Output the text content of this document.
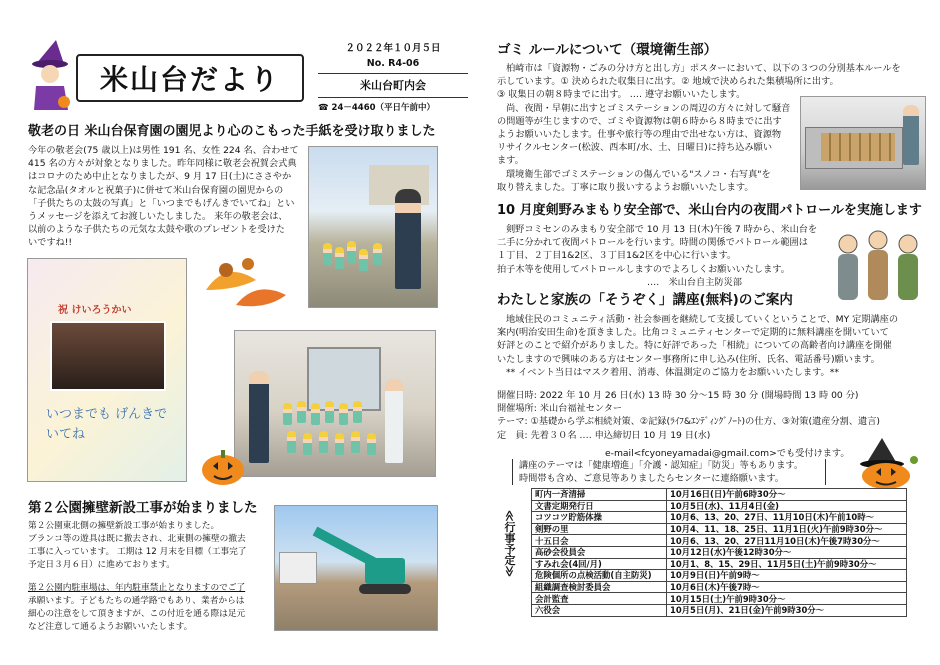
米山台だより
２０２２年１０月５日
No. R4-06
米山台町内会
☎ 24－4460（平日午前中）
敬老の日 米山台保育園の園児より心のこもった手紙を受け取りました

今年の敬老会(75 歳以上)は男性 191 名、女性 224 名、合わせて

415 名の方々が対象となりました。昨年同様に敬老会祝賀会式典

はコロナのため中止となりましたが、9 月 17 日(土)にささやか

な記念品(タオルと祝菓子)に併せて米山台保育園の園児からの

「子供たちの太鼓の写真」と「いつまでもげんきでいてね」とい

うメッセージを添えてお渡しいたしました。 来年の敬老会は、

以前のような子供たちの元気な太鼓や歌のプレゼントを受けた

いですね!!

祝 けいろうかい
いつまでも げんきでいてね
第２公園擁壁新設工事が始まりました

第２公園東北側の擁壁新設工事が始まりました。

ブランコ等の遊具は既に撤去され、北東側の擁壁の撤去

工事に入っています。 工期は 12 月末を目標（工事完了

予定日３月６日）に進めております。

第２公園内駐車場は、年内駐車禁止となりますのでご了

承願います。子どもたちの通学路でもあり、業者からは

細心の注意をして頂きますが、この付近を通る際は足元

など注意して通るようお願いいたします。

ゴミ ルールについて（環境衛生部）

柏崎市は「資源物・ごみの分け方と出し方」ポスターにおいて、以下の３つの分別基本ルールを

示しています。① 決められた収集日に出す。② 地域で決められた集積場所に出す。

③ 収集日の朝８時までに出す。 ‥‥ 遵守お願いいたします。

尚、夜間・早朝に出すとゴミステーションの周辺の方々に対して騒音

の問題等が生じますので、ゴミや資源物は朝６時から８時までに出す

ようお願いいたします。仕事や旅行等の理由で出せない方は、資源物

リサイクルセンター(松波、西本町/水、土、日曜日)に持ち込み願い

ます。

環境衛生部でゴミステーションの傷んでいる"スノコ・右写真"を

取り替えました。丁寧に取り扱いするようお願いいたします。

10 月度剣野みまもり安全部で、米山台内の夜間パトロールを実施します

剣野コミセンのみまもり安全部で 10 月 13 日(木)午後 7 時から、米山台を

二手に分かれて夜間パトロールを行います。時間の関係でパトロール範囲は

１丁目、２丁目1&2区、３丁目1&2区を中心に行います。

拍子木等を使用してパトロールしますのでよろしくお願いいたします。

‥‥　米山台自主防災部

わたしと家族の「そうぞく」講座(無料)のご案内

地域住民のコミュニティ活動・社会参画を継続して支援していくということで、MY 定期講座の

案内(明治安田生命)を頂きました。比角コミュニティセンターで定期的に無料講座を開いていて

好評とのことで紹介がありました。特に好評であった「相続」についての高齢者向け講座を開催

いたしますので興味のある方はセンター事務所に申し込み(住所、氏名、電話番号)願います。

** イベント当日はマスク着用、消毒、体温測定のご協力をお願いいたします。**

開催日時: 2022 年 10 月 26 日(水) 13 時 30 分～15 時 30 分 (開場時間 13 時 00 分)

開催場所: 米山台福祉センター

テーマ: ①基礎から学ぶ相続対策、②記録(ﾗｲﾌ&ｴﾝﾃﾞｨﾝｸﾞﾉｰﾄ)の仕方、③対策(遺産分割、遺言)

定　員: 先着３０名 ‥‥ 申込締切日 10 月 19 日(水)

e-mail<fcyoneyamadai@gmail.com>でも受付けます。

講座のテーマは「健康増進」「介護・認知症」「防災」等もあります。

時間帯も含め、ご意見等ありましたらセンターに連絡願います。

≪行事予定≫
町内一斉清掃	10月16日(日)午前6時30分～
文書定期発行日	10月5日(水)、11月4日(金)
コツコツ貯筋体操	10月6、13、20、27日、11月10日(木)午前10時～
剣野の里	10月4、11、18、25日、11月1日(火)午前9時30分～
十五日会	10月6、13、20、27日11月10日(木)午後7時30分～
高砂会役員会	10月12日(水)午後12時30分～
すみれ会(4回/月)	10月1、8、15、29日、11月5日(土)午前9時30分～
危険個所の点検活動(自主防災)	10月9日(日)午前9時～
組織調査検討委員会	10月6日(木)午後7時～
会計監査	10月15日(土)午前9時30分～
六役会	10月5日(月)、21日(金)午前9時30分～
